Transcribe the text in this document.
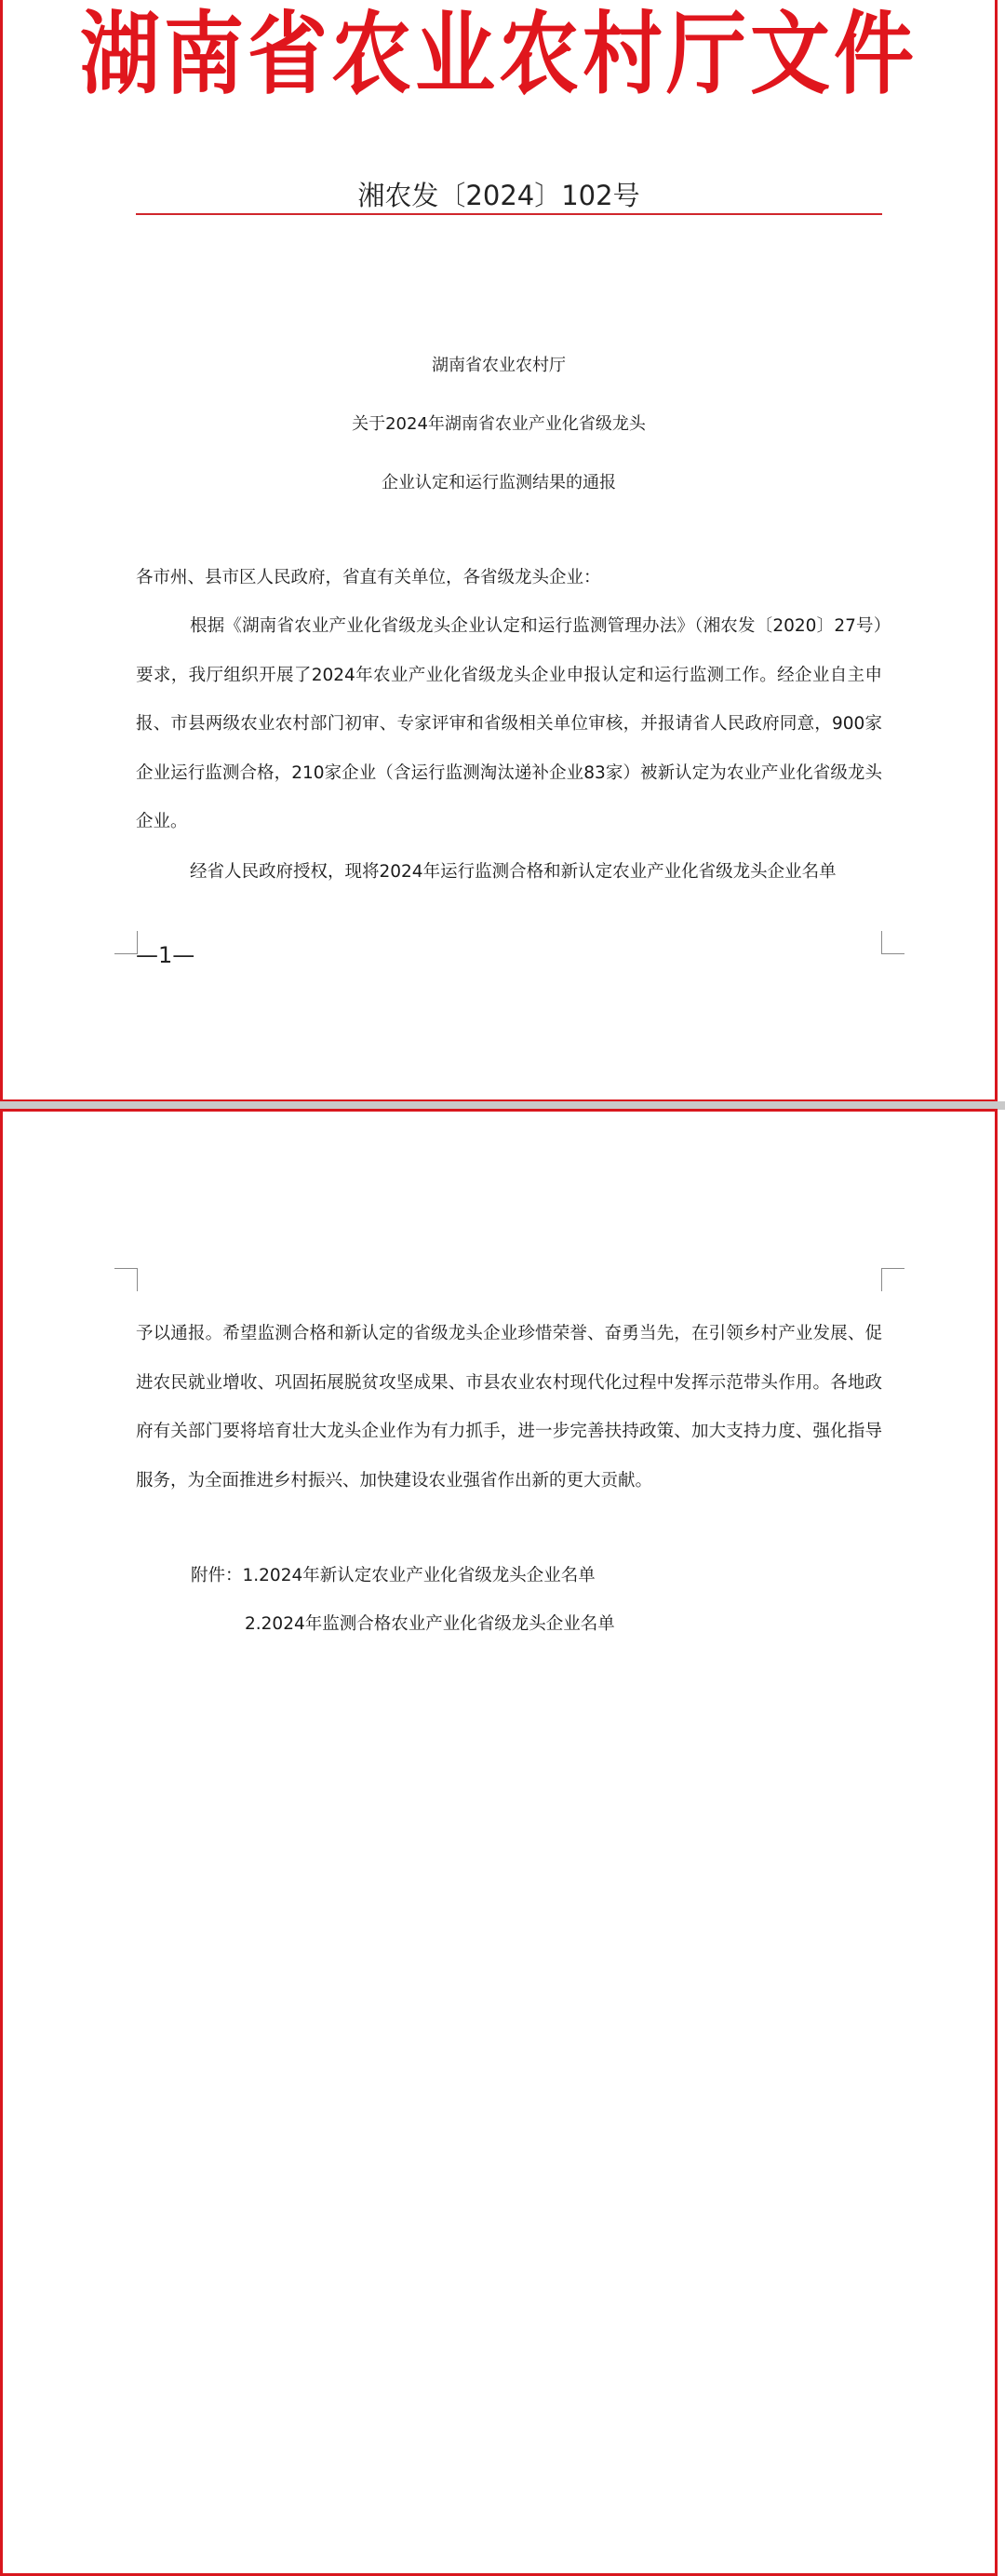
湖南省农业农村厅文件
湘农发〔2024〕102号
湖南省农业农村厅
关于2024年湖南省农业产业化省级龙头
企业认定和运行监测结果的通报
各市州、县市区人民政府，省直有关单位，各省级龙头企业：
根据《湖南省农业产业化省级龙头企业认定和运行监测管理办法》（湘农发〔2020〕27号）要求，我厅组织开展了2024年农业产业化省级龙头企业申报认定和运行监测工作。经企业自主申报、市县两级农业农村部门初审、专家评审和省级相关单位审核，并报请省人民政府同意，900家企业运行监测合格，210家企业（含运行监测淘汰递补企业83家）被新认定为农业产业化省级龙头企业。
经省人民政府授权，现将2024年运行监测合格和新认定农业产业化省级龙头企业名单
—1—
予以通报。希望监测合格和新认定的省级龙头企业珍惜荣誉、奋勇当先，在引领乡村产业发展、促进农民就业增收、巩固拓展脱贫攻坚成果、市县农业农村现代化过程中发挥示范带头作用。各地政府有关部门要将培育壮大龙头企业作为有力抓手，进一步完善扶持政策、加大支持力度、强化指导服务，为全面推进乡村振兴、加快建设农业强省作出新的更大贡献。
附件：1.2024年新认定农业产业化省级龙头企业名单
2.2024年监测合格农业产业化省级龙头企业名单
